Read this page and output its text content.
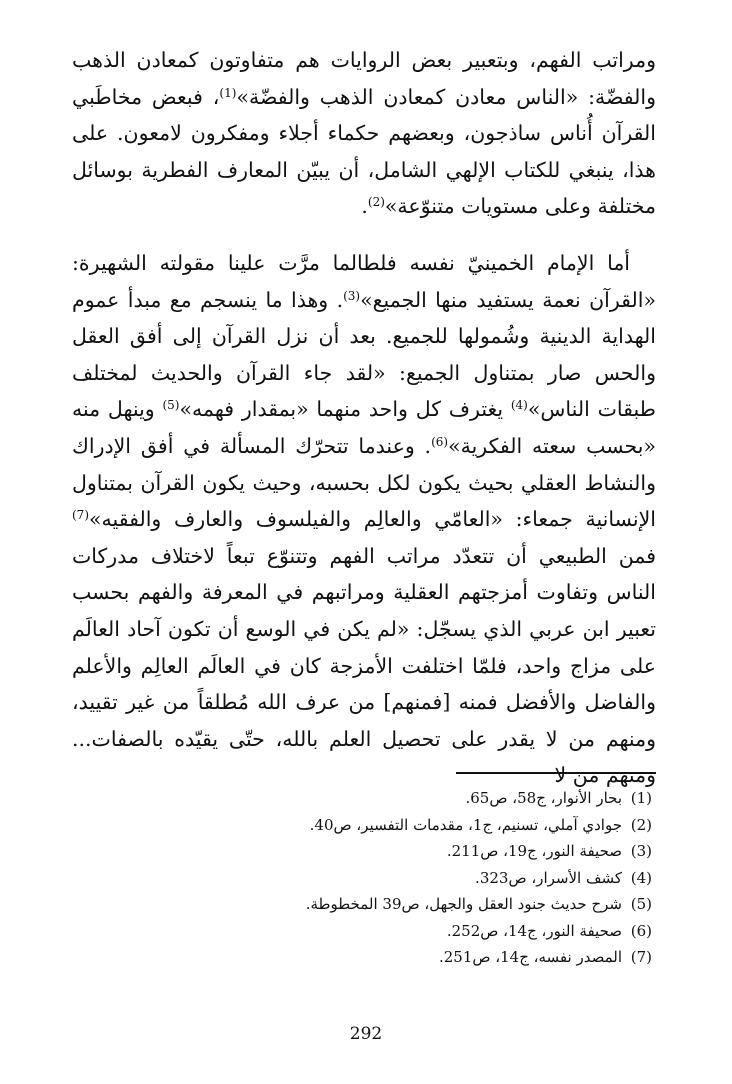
ومراتب الفهم، وبتعبير بعض الروايات هم متفاوتون كمعادن الذهب والفضّة: «الناس معادن كمعادن الذهب والفضّة»$^{(1)}$، فبعض مخاطَبي القرآن أُناس ساذجون، وبعضهم حكماء أجلاء ومفكرون لامعون. على هذا، ينبغي للكتاب الإلهي الشامل، أن يبيّن المعارف الفطرية بوسائل مختلفة وعلى مستويات متنوّعة»$^{(2)}$.

أما الإمام الخمينيّ نفسه فلطالما مرَّت علينا مقولته الشهيرة: «القرآن نعمة يستفيد منها الجميع»$^{(3)}$. وهذا ما ينسجم مع مبدأ عموم الهداية الدينية وشُمولها للجميع. بعد أن نزل القرآن إلى أفق العقل والحس صار بمتناول الجميع: «لقد جاء القرآن والحديث لمختلف طبقات الناس»$^{(4)}$ يغترف كل واحد منهما «بمقدار فهمه»$^{(5)}$ وينهل منه «بحسب سعته الفكرية»$^{(6)}$. وعندما تتحرّك المسألة في أفق الإدراك والنشاط العقلي بحيث يكون لكل بحسبه، وحيث يكون القرآن بمتناول الإنسانية جمعاء: «العامّي والعالِم والفيلسوف والعارف والفقيه»$^{(7)}$ فمن الطبيعي أن تتعدّد مراتب الفهم وتتنوّع تبعاً لاختلاف مدركات الناس وتفاوت أمزجتهم العقلية ومراتبهم في المعرفة والفهم بحسب تعبير ابن عربي الذي يسجّل: «لم يكن في الوسع أن تكون آحاد العالَم على مزاج واحد، فلمّا اختلفت الأمزجة كان في العالَم العالِم والأعلم والفاضل والأفضل فمنه [فمنهم] من عرف الله مُطلقاً من غير تقييد، ومنهم من لا يقدر على تحصيل العلم بالله، حتّى يقيّده بالصفات... ومنهم من لا

(1)
بحار الأنوار، ج58، ص65.
(2)
جوادي آملي، تسنيم، ج1، مقدمات التفسير، ص40.
(3)
صحيفة النور، ج19، ص211.
(4)
كشف الأسرار، ص323.
(5)
شرح حديث جنود العقل والجهل، ص39 المخطوطة.
(6)
صحيفة النور، ج14، ص252.
(7)
المصدر نفسه، ج14، ص251.
292
